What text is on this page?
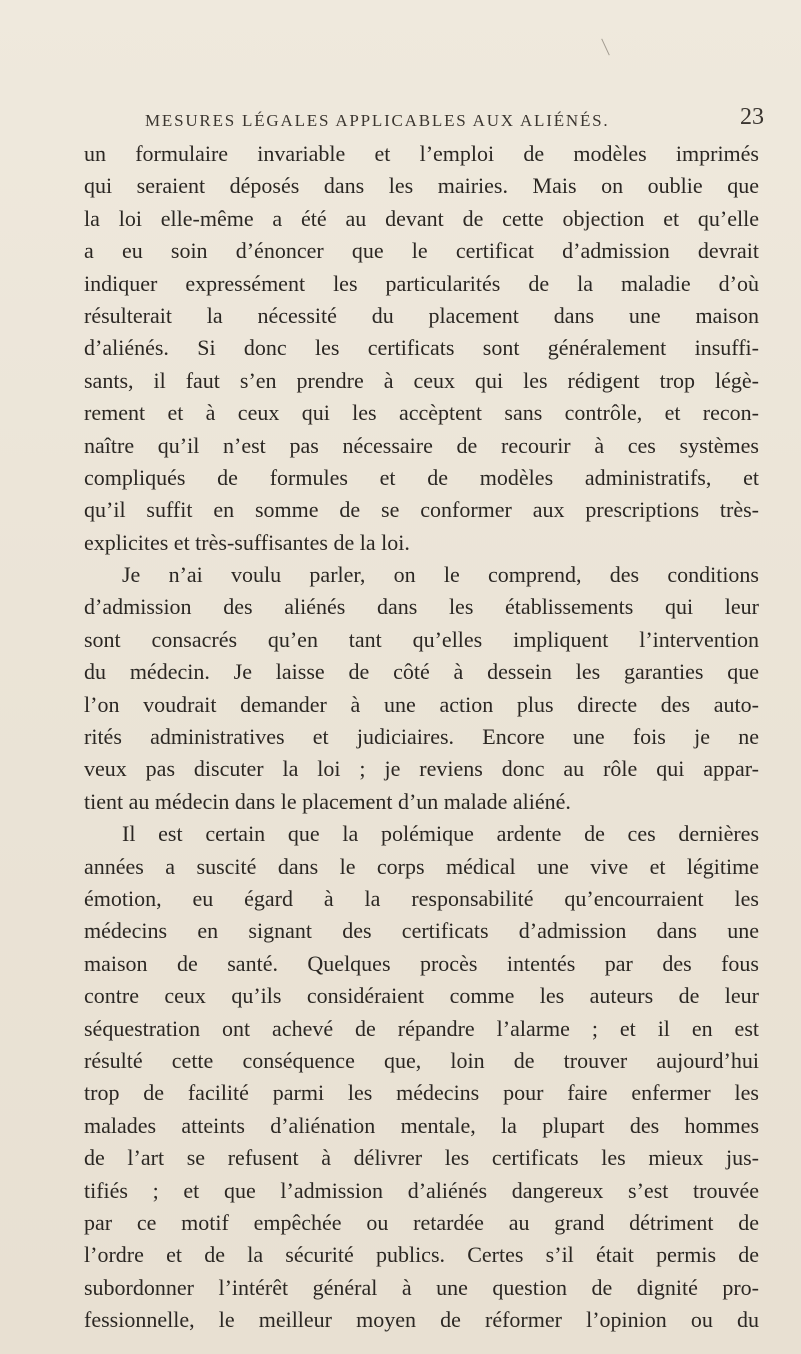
MESURES LÉGALES APPLICABLES AUX ALIÉNÉS.	23
un formulaire invariable et l’emploi de modèles imprimés
qui seraient déposés dans les mairies. Mais on oublie que
la loi elle-même a été au devant de cette objection et qu’elle
a eu soin d’énoncer que le certificat d’admission devrait
indiquer expressément les particularités de la maladie d’où
résulterait la nécessité du placement dans une maison
d’aliénés. Si donc les certificats sont généralement insuffi-
sants, il faut s’en prendre à ceux qui les rédigent trop légè-
rement et à ceux qui les accèptent sans contrôle, et recon-
naître qu’il n’est pas nécessaire de recourir à ces systèmes
compliqués de formules et de modèles administratifs, et
qu’il suffit en somme de se conformer aux prescriptions très-
explicites et très-suffisantes de la loi.
Je n’ai voulu parler, on le comprend, des conditions
d’admission des aliénés dans les établissements qui leur
sont consacrés qu’en tant qu’elles impliquent l’intervention
du médecin. Je laisse de côté à dessein les garanties que
l’on voudrait demander à une action plus directe des auto-
rités administratives et judiciaires. Encore une fois je ne
veux pas discuter la loi ; je reviens donc au rôle qui appar-
tient au médecin dans le placement d’un malade aliéné.
Il est certain que la polémique ardente de ces dernières
années a suscité dans le corps médical une vive et légitime
émotion, eu égard à la responsabilité qu’encourraient les
médecins en signant des certificats d’admission dans une
maison de santé. Quelques procès intentés par des fous
contre ceux qu’ils considéraient comme les auteurs de leur
séquestration ont achevé de répandre l’alarme ; et il en est
résulté cette conséquence que, loin de trouver aujourd’hui
trop de facilité parmi les médecins pour faire enfermer les
malades atteints d’aliénation mentale, la plupart des hommes
de l’art se refusent à délivrer les certificats les mieux jus-
tifiés ; et que l’admission d’aliénés dangereux s’est trouvée
par ce motif empêchée ou retardée au grand détriment de
l’ordre et de la sécurité publics. Certes s’il était permis de
subordonner l’intérêt général à une question de dignité pro-
fessionnelle, le meilleur moyen de réformer l’opinion ou du
